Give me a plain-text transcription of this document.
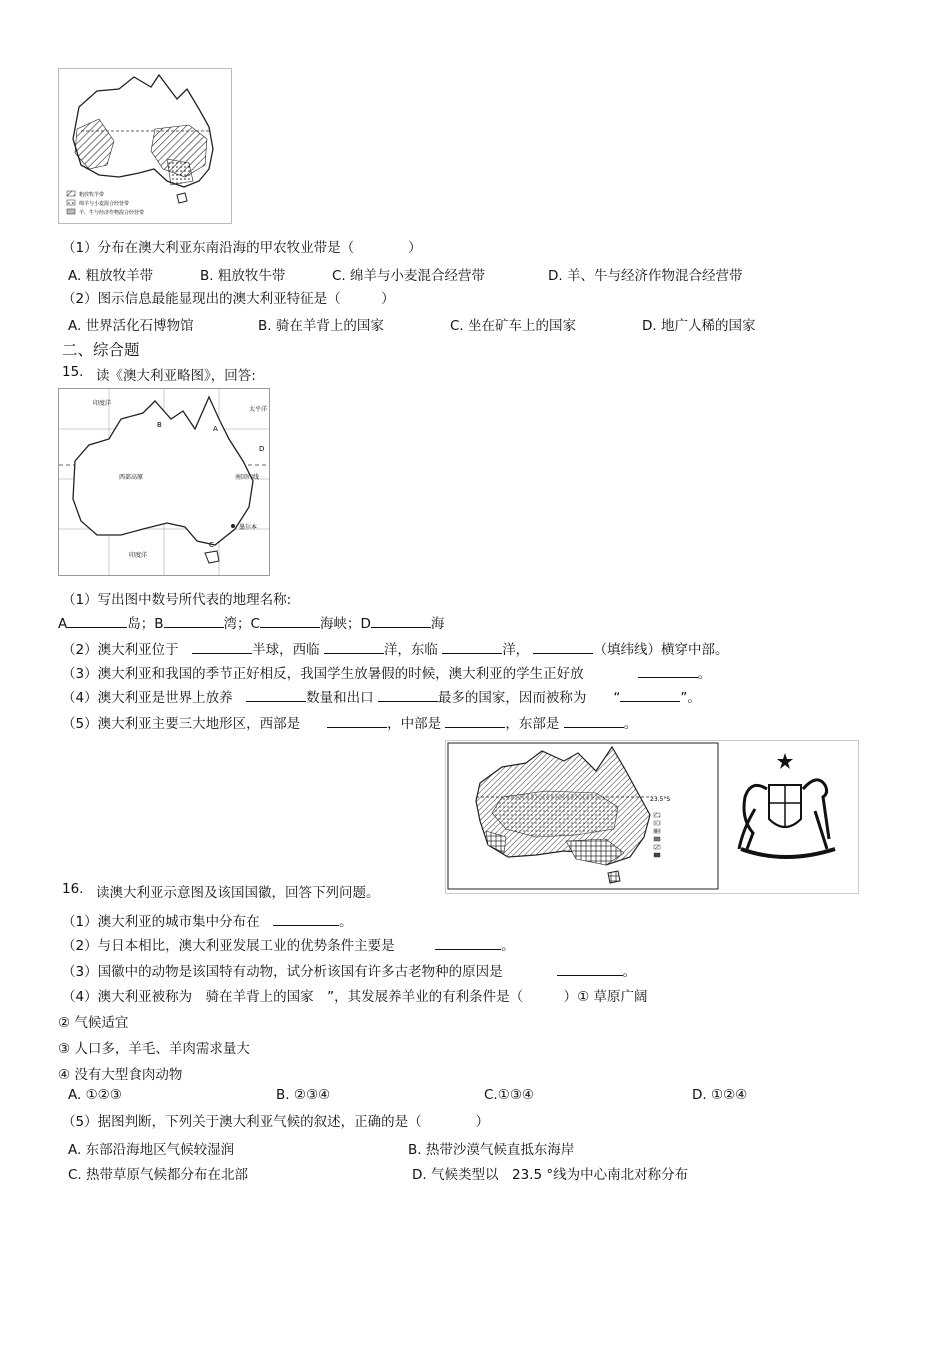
粗放牧羊带
绵羊与小麦混合经营带
羊、牛与经济作物混合经营带
（1）分布在澳大利亚东南沿海的甲农牧业带是（　　　　）
A. 粗放牧羊带	B. 粗放牧牛带	C. 绵羊与小麦混合经营带	D. 羊、牛与经济作物混合经营带
（2）图示信息最能显现出的澳大利亚特征是（　　　）
A. 世界活化石博物馆	B. 骑在羊背上的国家	C. 坐在矿车上的国家	D. 地广人稀的国家
二、综合题
15. 读《澳大利亚略图》，回答:
印度洋
太平洋
西部高原
A
B
C
D
南回归线
墨尔本
印度洋
（1）写出图中数号所代表的地理名称:
A	岛；B	湾；C	海峡；D	海
（2）澳大利亚位于　	半球，西临	洋，东临	洋，	（填纬线）横穿中部。
（3）澳大利亚和我国的季节正好相反，我国学生放暑假的时候，澳大利亚的学生正好放　　　　	。
（4）澳大利亚是世界上放养　	数量和出口	最多的国家，因而被称为　　 “	”。
（5）澳大利亚主要三大地形区，西部是　　	，中部是	，东部是	。
23.5°S
16. 读澳大利亚示意图及该国国徽，回答下列问题。
（1）澳大利亚的城市集中分布在　	。
（2）与日本相比，澳大利亚发展工业的优势条件主要是　　　	。
（3）国徽中的动物是该国特有动物，试分析该国有许多古老物种的原因是　　　　	。
（4）澳大利亚被称为　骑在羊背上的国家　”，其发展养羊业的有利条件是（　　　）① 草原广阔
② 气候适宜
③ 人口多，羊毛、羊肉需求量大
④ 没有大型食肉动物
A. ①②③	B. ②③④	C.①③④	D. ①②④
（5）据图判断，下列关于澳大利亚气候的叙述，正确的是（　　　　）
A. 东部沿海地区气候较湿润	B. 热带沙漠气候直抵东海岸
C. 热带草原气候都分布在北部	D. 气候类型以　23.5 °线为中心南北对称分布
